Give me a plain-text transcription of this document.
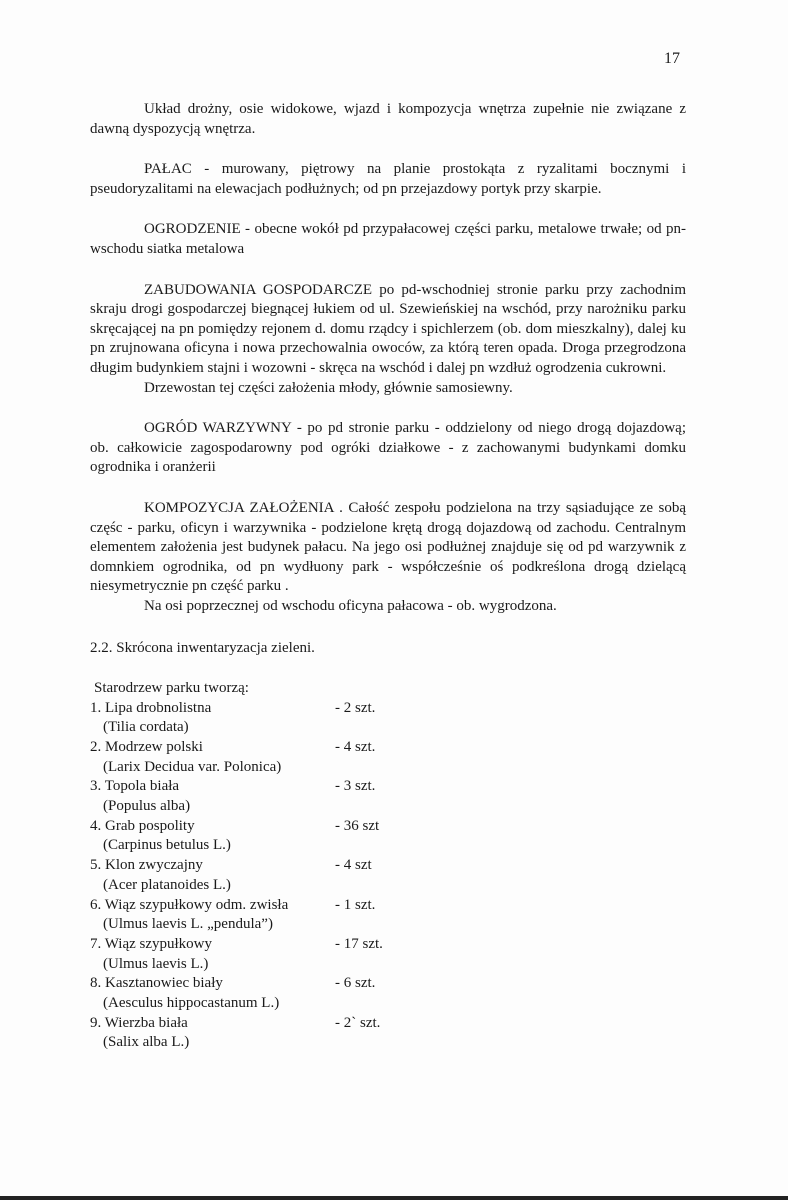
17

Układ drożny, osie widokowe, wjazd i kompozycja wnętrza zupełnie nie związane z dawną dyspozycją wnętrza.

PAŁAC - murowany, piętrowy na planie prostokąta z ryzalitami bocznymi i pseudoryzalitami na elewacjach podłużnych; od pn przejazdowy portyk przy skarpie.

OGRODZENIE - obecne wokół pd przypałacowej części parku, metalowe trwałe; od pn-wschodu siatka metalowa

ZABUDOWANIA GOSPODARCZE po pd-wschodniej stronie parku przy zachodnim skraju drogi gospodarczej biegnącej łukiem od ul. Szewieńskiej na wschód, przy narożniku parku skręcającej na pn pomiędzy rejonem d. domu rządcy i spichlerzem (ob. dom mieszkalny), dalej ku pn zrujnowana oficyna i nowa przechowalnia owoców, za którą teren opada. Droga przegrodzona długim budynkiem stajni i wozowni - skręca na wschód i dalej pn wzdłuż ogrodzenia cukrowni.

Drzewostan tej części założenia młody, głównie samosiewny.

OGRÓD WARZYWNY - po pd stronie parku - oddzielony od niego drogą dojazdową; ob. całkowicie zagospodarowny pod ogróki działkowe - z zachowanymi budynkami domku ogrodnika i oranżerii

KOMPOZYCJA ZAŁOŻENIA . Całość zespołu podzielona na trzy sąsiadujące ze sobą częśc - parku, oficyn i warzywnika - podzielone krętą drogą dojazdową od zachodu. Centralnym elementem założenia jest budynek pałacu. Na jego osi podłużnej znajduje się od pd warzywnik z domnkiem ogrodnika, od pn wydłuony park - współcześnie oś podkreślona drogą dzielącą niesymetrycznie pn część parku .

Na osi poprzecznej od wschodu oficyna pałacowa - ob. wygrodzona.

2.2. Skrócona inwentaryzacja zieleni.
Starodrzew parku tworzą:
1. Lipa drobnolistna	- 2 szt.
(Tilia cordata)
2. Modrzew polski	- 4 szt.
(Larix Decidua var. Polonica)
3. Topola biała	- 3 szt.
(Populus alba)
4. Grab pospolity	- 36 szt
(Carpinus betulus L.)
5. Klon zwyczajny	- 4 szt
(Acer platanoides L.)
6. Wiąz szypułkowy odm. zwisła	- 1 szt.
(Ulmus laevis L. „pendula”)
7. Wiąz szypułkowy	- 17 szt.
(Ulmus laevis L.)
8. Kasztanowiec biały	- 6 szt.
(Aesculus hippocastanum L.)
9. Wierzba biała	- 2` szt.
(Salix alba L.)
